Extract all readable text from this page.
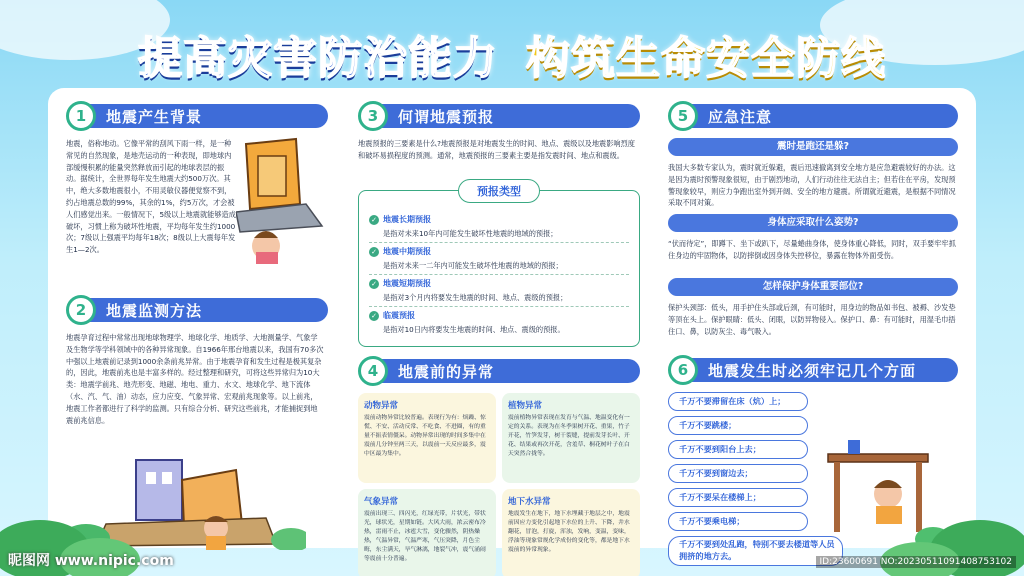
提高灾害防治能力 构筑生命安全防线
1	地震产生背景
地震，俗称地动。它像平常的刮风下雨一样，是一种常见的自然现象，是地壳运动的一种表现，即地球内部缓慢积累的能量突然释放而引起的地球表层的振动。据统计，全世界每年发生地震大约500万次。其中，绝大多数地震很小，不用灵敏仪器便觉察不到，约占地震总数的99%，其余的1%，约5万次，才会被人们感觉出来。一般情况下，5级以上地震就能够造成破坏，习惯上称为破坏性地震，平均每年发生约1000次；7级以上强震平均每年18次；8级以上大震每年发生1—2次。
2	地震监测方法
地震孕育过程中常常出现地球物理学、地球化学、地质学、大地测量学、气象学及生物学等学科领域中的各种异常现象。自1966年邢台地震以来，我国有70多次中强以上地震前记录到1000余条前兆异常。由于地震孕育和发生过程是极其复杂的，因此，地震前兆也是丰富多样的。经过整理和研究，可将这些异常归为10大类：地震学前兆、地壳形变、地磁、地电、重力、水文、地球化学、地下流体（水、汽、气、油）动态，应力应变、气象异常、宏观前兆现象等。以上前兆，地震工作者都进行了科学的监测。只有综合分析、研究这些前兆，才能捕捉到地震前兆信息。
3	何谓地震预报
地震预报的三要素是什么?地震预报是对地震发生的时间、地点、震级以及地震影响烈度和破坏易损程度的预测。通常，地震预报的三要素主要是指发震时间、地点和震级。
预报类型
✓ 地震长期预报
是指对未来10年内可能发生破坏性地震的地域的预报；
✓ 地震中期预报
是指对未来一二年内可能发生破坏性地震的地域的预报；
✓ 地震短期预报
是指对3个月内将要发生地震的时间、地点、震级的预报；
✓ 临震预报
是指对10日内将要发生地震的时间、地点、震级的预报。
4	地震前的异常
动物异常
震前动物异常比较普遍。表现行为有：烦躁、惊慌、不安、活动反常、不吃食、不进圈，有的重量不振表情僵呆。动物异常出现的时间多集中在震前几分钟至两三天，以震前一天反应最多，震中区最为集中。
植物异常
震前植物异常表现在发育与气温、地温变化有一定的关系。表现为在冬季果树开花、重果，竹子开花，竹笋发芽，树干裂缝，提前发芽长叶、开花、结果或再次开花，含羞草、桐花树叶子在白天突然合拢等。
气象异常
震前出现三、四闪光，红绿光带，片状光，带状光，球状光，星期如链。大风大雨，浓云密布冷热，雷雨不止，冰雹大雪，变化骤然，阴热燥热，气温异常，气温严寒，气压突降，月色尘晦，东尘满天，旱气淋漓，地裂气冲，震气涌闹等震前十分普遍。
地下水异常
地震发生在地下，地下水埋藏于地层之中，地震前因应力变化引起地下水位的上升、下降，井水翻花，冒泡，打旋，浑浊，发响，变温，变味，浮油等现象常规化学成份的变化等，都是地下水震前的异常现象。
5	应急注意
震时是跑还是躲?
我国大多数专家认为，震时就近躲避，震后迅速撤离到安全地方是应急避震较好的办法。这是因为震时预警现象很短，由于剧烈地动，人们行动往往无法自主；但若住在平房，发现预警现象较早，则应力争跑出室外到开阔、安全的地方避震。所谓就近避震，是根据不同情况采取不同对策。
身体应采取什么姿势?
“伏而待定”，即蹲下、坐下或趴下，尽量蜷曲身体，使身体重心降低，同时，双手要牢牢抓住身边的牢固物体，以防摔倒或因身体失控移位，暴露在物体外面受伤。
怎样保护身体重要部位?
保护头颈部：低头，用手护住头部或后颈，有可能时，用身边的物品如书包、被褥、沙发垫等顶在头上。保护眼睛：低头、闭眼，以防异物侵入。保护口、鼻：有可能时，用湿毛巾捂住口、鼻，以防灰尘、毒气吸入。
6	地震发生时必须牢记几个方面
千万不要滞留在床（炕）上；
千万不要跳楼；
千万不要到阳台上去；
千万不要到窗边去；
千万不要呆在楼梯上；
千万不要乘电梯；
千万不要到处乱跑，特别不要去楼道等人员拥挤的地方去。
昵图网 www.nipic.com	ID:23600691 NO:20230511091408753102
